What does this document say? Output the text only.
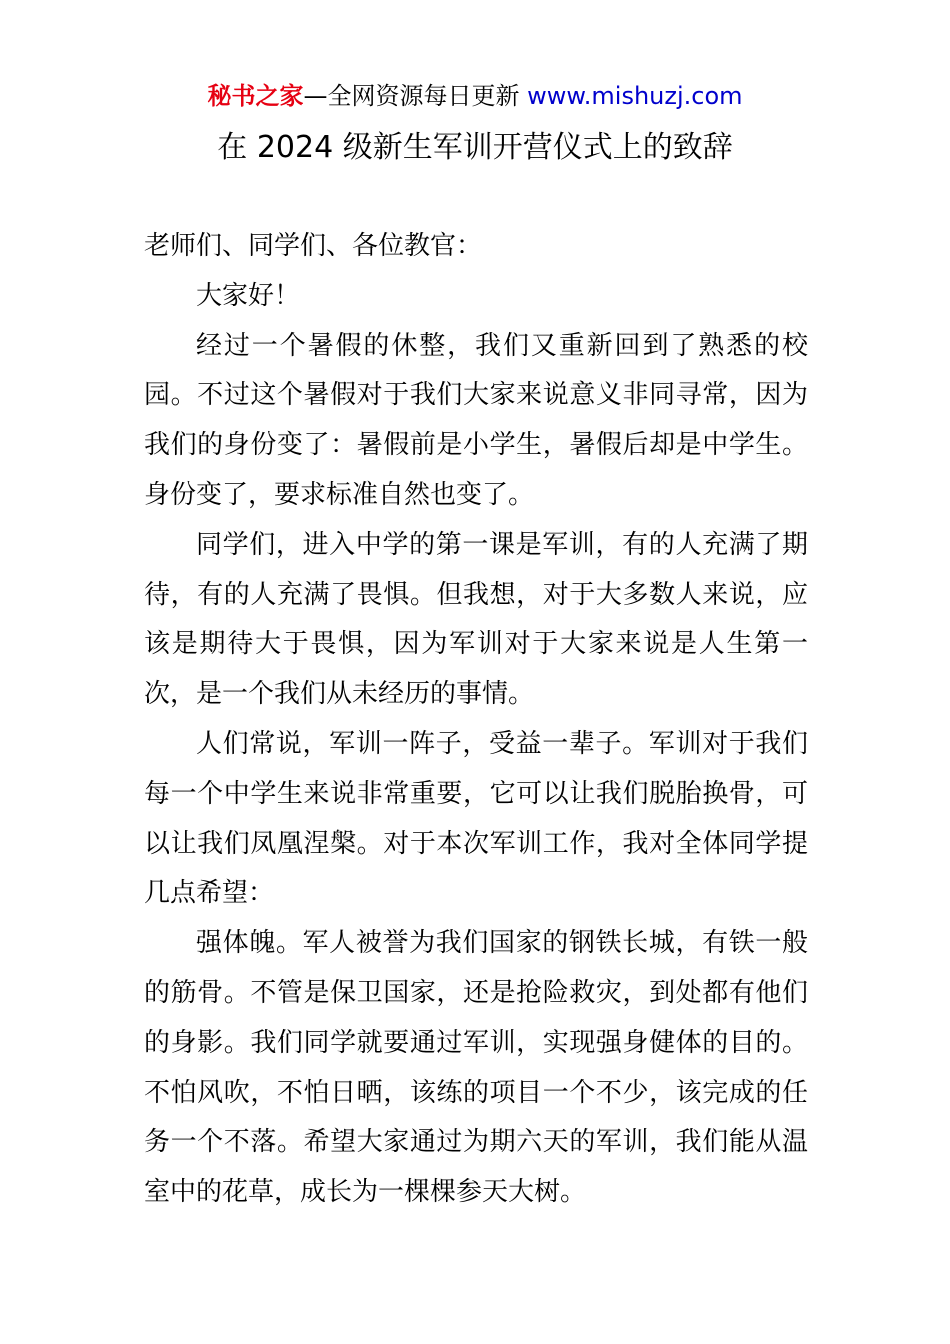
秘书之家—全网资源每日更新 www.mishuzj.com
在 2024 级新生军训开营仪式上的致辞

老师们、同学们、各位教官：

大家好！

经过一个暑假的休整，我们又重新回到了熟悉的校园。不过这个暑假对于我们大家来说意义非同寻常，因为我们的身份变了：暑假前是小学生，暑假后却是中学生。身份变了，要求标准自然也变了。

同学们，进入中学的第一课是军训，有的人充满了期待，有的人充满了畏惧。但我想，对于大多数人来说，应该是期待大于畏惧，因为军训对于大家来说是人生第一次，是一个我们从未经历的事情。

人们常说，军训一阵子，受益一辈子。军训对于我们每一个中学生来说非常重要，它可以让我们脱胎换骨，可以让我们凤凰涅槃。对于本次军训工作，我对全体同学提几点希望：

强体魄。军人被誉为我们国家的钢铁长城，有铁一般的筋骨。不管是保卫国家，还是抢险救灾，到处都有他们的身影。我们同学就要通过军训，实现强身健体的目的。不怕风吹，不怕日晒，该练的项目一个不少，该完成的任务一个不落。希望大家通过为期六天的军训，我们能从温室中的花草，成长为一棵棵参天大树。
